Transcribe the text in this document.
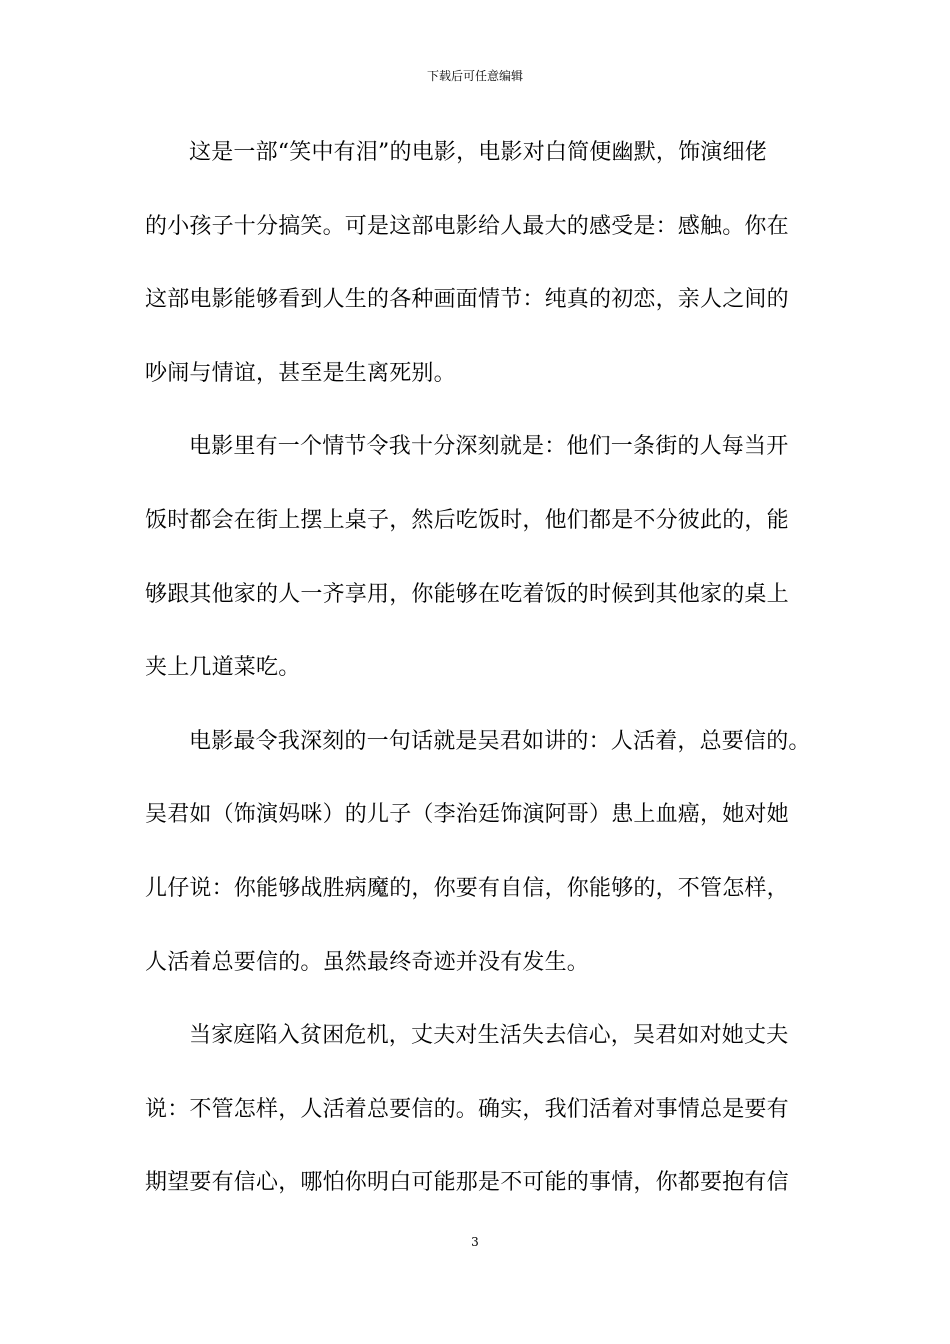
下载后可任意编辑
这是一部“笑中有泪”的电影，电影对白简便幽默，饰演细佬
的小孩子十分搞笑。可是这部电影给人最大的感受是：感触。你在
这部电影能够看到人生的各种画面情节：纯真的初恋，亲人之间的
吵闹与情谊，甚至是生离死别。
电影里有一个情节令我十分深刻就是：他们一条街的人每当开
饭时都会在街上摆上桌子，然后吃饭时，他们都是不分彼此的，能
够跟其他家的人一齐享用，你能够在吃着饭的时候到其他家的桌上
夹上几道菜吃。
电影最令我深刻的一句话就是吴君如讲的：人活着，总要信的。
吴君如（饰演妈咪）的儿子（李治廷饰演阿哥）患上血癌，她对她
儿仔说：你能够战胜病魔的，你要有自信，你能够的，不管怎样，
人活着总要信的。虽然最终奇迹并没有发生。
当家庭陷入贫困危机，丈夫对生活失去信心，吴君如对她丈夫
说：不管怎样，人活着总要信的。确实，我们活着对事情总是要有
期望要有信心，哪怕你明白可能那是不可能的事情，你都要抱有信
3
